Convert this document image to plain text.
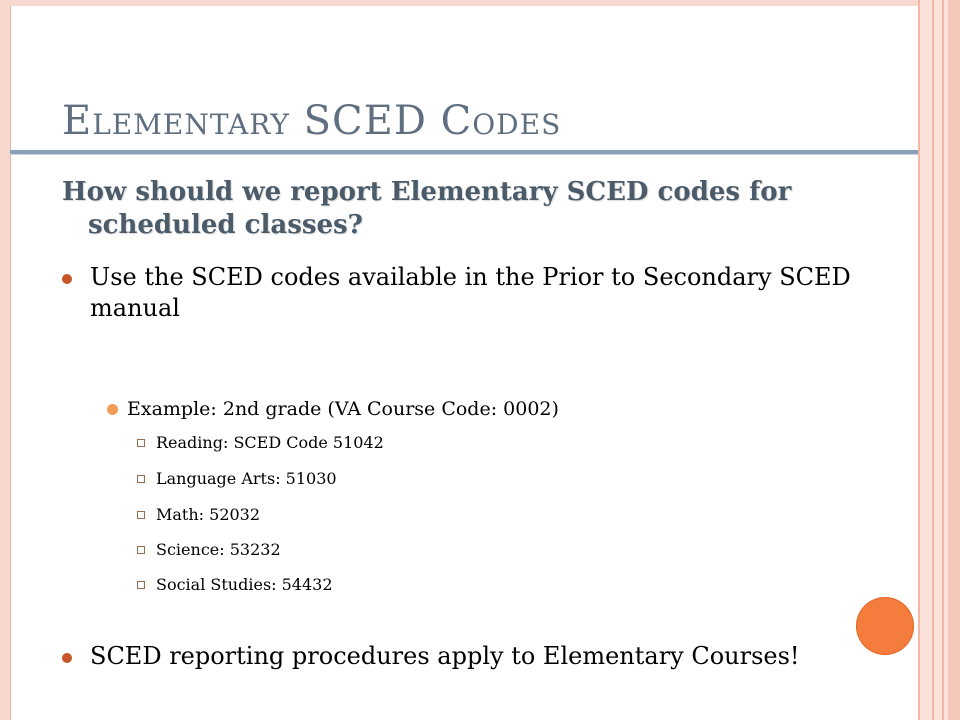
Elementary SCED Codes

How should we report Elementary SCED codes for scheduled classes?

Use the SCED codes available in the Prior to Secondary SCED manual
Example: 2nd grade (VA Course Code: 0002)
Reading: SCED Code 51042
Language Arts: 51030
Math: 52032
Science: 53232
Social Studies: 54432
SCED reporting procedures apply to Elementary Courses!
